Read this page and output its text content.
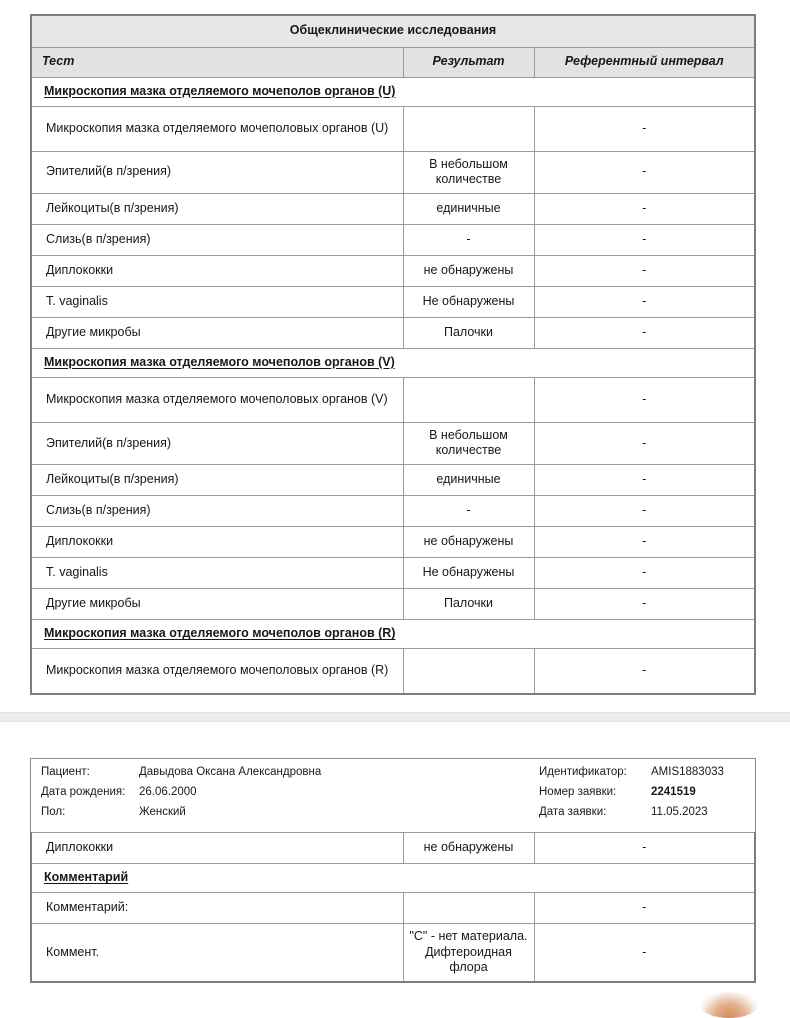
Общеклинические исследования		
Тест	Результат	Референтный интервал
Микроскопия мазка отделяемого мочеполов органов (U)		
Микроскопия мазка отделяемого мочеполовых органов (U)		-
Эпителий(в п/зрения)	В небольшом количестве	-
Лейкоциты(в п/зрения)	единичные	-
Слизь(в п/зрения)	-	-
Диплококки	не обнаружены	-
T. vaginalis	Не обнаружены	-
Другие микробы	Палочки	-
Микроскопия мазка отделяемого мочеполов органов (V)		
Микроскопия мазка отделяемого мочеполовых органов (V)		-
Эпителий(в п/зрения)	В небольшом количестве	-
Лейкоциты(в п/зрения)	единичные	-
Слизь(в п/зрения)	-	-
Диплококки	не обнаружены	-
T. vaginalis	Не обнаружены	-
Другие микробы	Палочки	-
Микроскопия мазка отделяемого мочеполов органов (R)		
Микроскопия мазка отделяемого мочеполовых органов (R)		-
Пациент:	Давыдова Оксана Александровна	Идентификатор:	AMIS1883033
Дата рождения:	26.06.2000	Номер заявки:	2241519
Пол:	Женский	Дата заявки:	11.05.2023
Диплококки	не обнаружены	-
Комментарий		
Комментарий:		-
Коммент.	"C" - нет материала. Дифтероидная флора	-
